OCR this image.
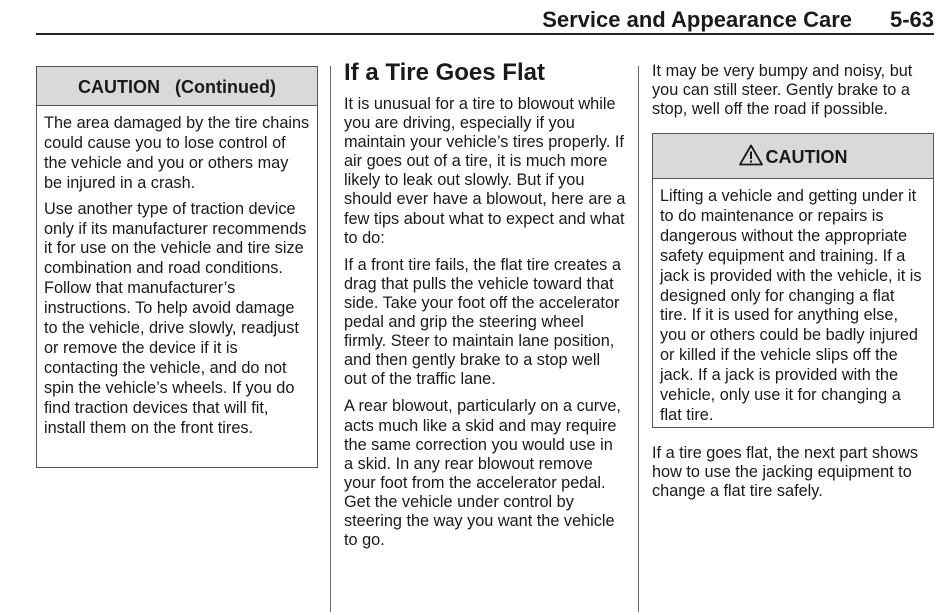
Service and Appearance Care 5-63
CAUTION   (Continued)

The area damaged by the tire chains could cause you to lose control of the vehicle and you or others may be injured in a crash.

Use another type of traction device only if its manufacturer recommends it for use on the vehicle and tire size combination and road conditions. Follow that manufacturer’s instructions. To help avoid damage to the vehicle, drive slowly, readjust or remove the device if it is contacting the vehicle, and do not spin the vehicle’s wheels. If you do find traction devices that will fit, install them on the front tires.

If a Tire Goes Flat

It is unusual for a tire to blowout while you are driving, especially if you maintain your vehicle’s tires properly. If air goes out of a tire, it is much more likely to leak out slowly. But if you should ever have a blowout, here are a few tips about what to expect and what to do:

If a front tire fails, the flat tire creates a drag that pulls the vehicle toward that side. Take your foot off the accelerator pedal and grip the steering wheel firmly. Steer to maintain lane position, and then gently brake to a stop well out of the traffic lane.

A rear blowout, particularly on a curve, acts much like a skid and may require the same correction you would use in a skid. In any rear blowout remove your foot from the accelerator pedal. Get the vehicle under control by steering the way you want the vehicle to go.

It may be very bumpy and noisy, but you can still steer. Gently brake to a stop, well off the road if possible.

CAUTION

Lifting a vehicle and getting under it to do maintenance or repairs is dangerous without the appropriate safety equipment and training. If a jack is provided with the vehicle, it is designed only for changing a flat tire. If it is used for anything else, you or others could be badly injured or killed if the vehicle slips off the jack. If a jack is provided with the vehicle, only use it for changing a flat tire.

If a tire goes flat, the next part shows how to use the jacking equipment to change a flat tire safely.
